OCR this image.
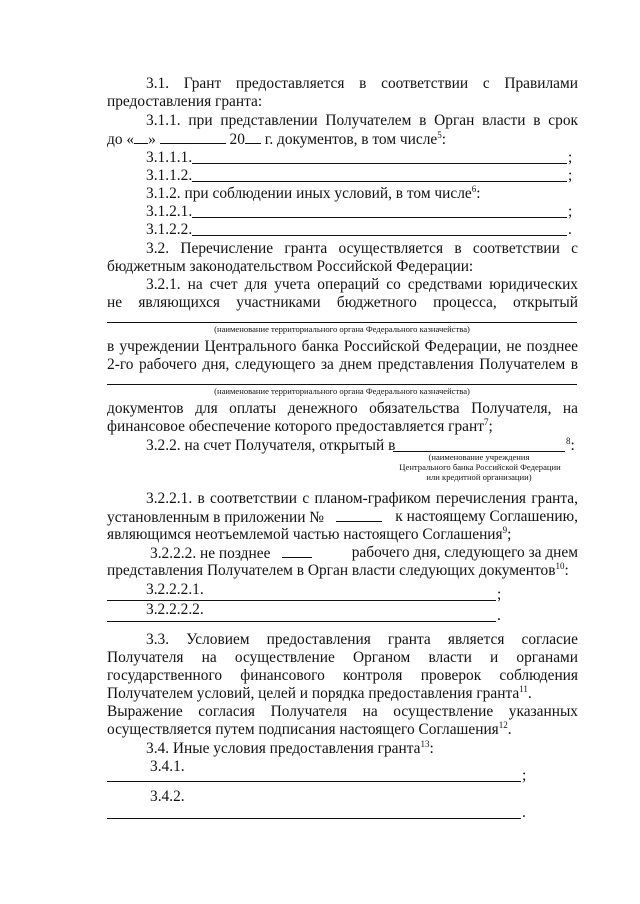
3.1. Грант предоставляется в соответствии с Правилами
предоставления гранта:
3.1.1. при представлении Получателем в Орган власти в срок
до « »	20 г. документов, в том числе$^5$:
3.1.1.1.	;
3.1.1.2.	;
3.1.2. при соблюдении иных условий, в том числе$^6$:
3.1.2.1.	;
3.1.2.2.	.
3.2. Перечисление гранта осуществляется в соответствии с
бюджетным законодательством Российской Федерации:
3.2.1. на счет для учета операций со средствами юридических
не являющихся участниками бюджетного процесса, открытый
(наименование территориального органа Федерального казначейства)
в учреждении Центрального банка Российской Федерации, не позднее
2-го рабочего дня, следующего за днем представления Получателем в
(наименование территориального органа Федерального казначейства)
документов для оплаты денежного обязательства Получателя, на
финансовое обеспечение которого предоставляется грант$^7$;
3.2.2. на счет Получателя, открытый в	$^8$:
(наименование учреждения
Центрального банка Российской Федерации
или кредитной организации)
3.2.2.1. в соответствии с планом-графиком перечисления гранта,
установленным в приложении №	к настоящему Соглашению,
являющимся неотъемлемой частью настоящего Соглашения$^9$;
3.2.2.2. не позднее	рабочего дня, следующего за днем
представления Получателем в Орган власти следующих документов$^{10}$:
3.2.2.2.1.	;
3.2.2.2.2.	.
3.3. Условием предоставления гранта является согласие
Получателя на осуществление Органом власти и органами
государственного финансового контроля проверок соблюдения
Получателем условий, целей и порядка предоставления гранта$^{11}$.
Выражение согласия Получателя на осуществление указанных
осуществляется путем подписания настоящего Соглашения$^{12}$.
3.4. Иные условия предоставления гранта$^{13}$:
3.4.1.
;
3.4.2.
.
